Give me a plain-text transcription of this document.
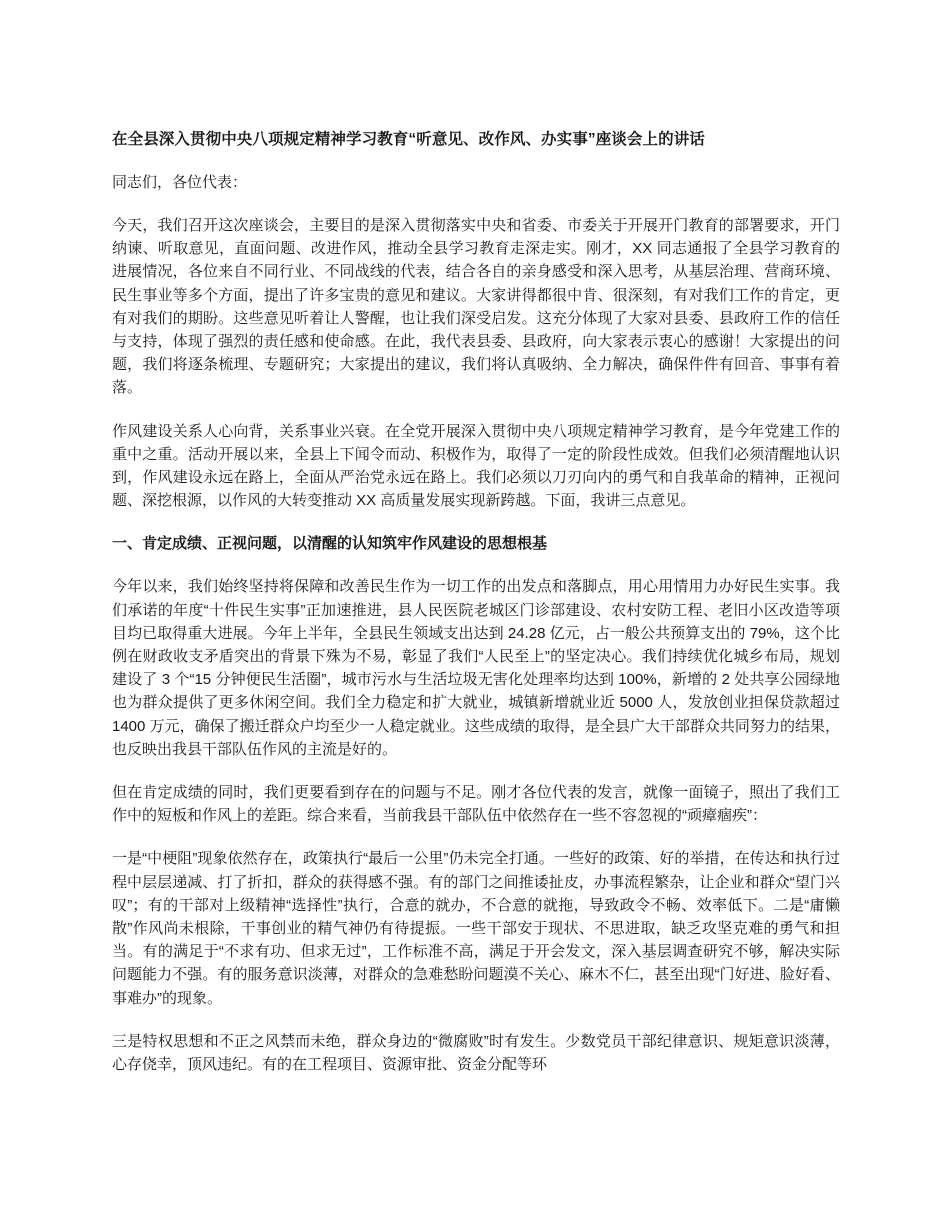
在全县深入贯彻中央八项规定精神学习教育“听意见、改作风、办实事”座谈会上的讲话

同志们，各位代表：

今天，我们召开这次座谈会，主要目的是深入贯彻落实中央和省委、市委关于开展开门教育的部署要求，开门纳谏、听取意见，直面问题、改进作风，推动全县学习教育走深走实。刚才，XX 同志通报了全县学习教育的进展情况，各位来自不同行业、不同战线的代表，结合各自的亲身感受和深入思考，从基层治理、营商环境、民生事业等多个方面，提出了许多宝贵的意见和建议。大家讲得都很中肯、很深刻，有对我们工作的肯定，更有对我们的期盼。这些意见听着让人警醒，也让我们深受启发。这充分体现了大家对县委、县政府工作的信任与支持，体现了强烈的责任感和使命感。在此，我代表县委、县政府，向大家表示衷心的感谢！大家提出的问题，我们将逐条梳理、专题研究；大家提出的建议，我们将认真吸纳、全力解决，确保件件有回音、事事有着落。

作风建设关系人心向背，关系事业兴衰。在全党开展深入贯彻中央八项规定精神学习教育，是今年党建工作的重中之重。活动开展以来，全县上下闻令而动、积极作为，取得了一定的阶段性成效。但我们必须清醒地认识到，作风建设永远在路上，全面从严治党永远在路上。我们必须以刀刃向内的勇气和自我革命的精神，正视问题、深挖根源，以作风的大转变推动 XX 高质量发展实现新跨越。下面，我讲三点意见。

一、肯定成绩、正视问题，以清醒的认知筑牢作风建设的思想根基

今年以来，我们始终坚持将保障和改善民生作为一切工作的出发点和落脚点，用心用情用力办好民生实事。我们承诺的年度“十件民生实事”正加速推进，县人民医院老城区门诊部建设、农村安防工程、老旧小区改造等项目均已取得重大进展。今年上半年，全县民生领域支出达到 24.28 亿元，占一般公共预算支出的 79%，这个比例在财政收支矛盾突出的背景下殊为不易，彰显了我们“人民至上”的坚定决心。我们持续优化城乡布局，规划建设了 3 个“15 分钟便民生活圈”，城市污水与生活垃圾无害化处理率均达到 100%，新增的 2 处共享公园绿地也为群众提供了更多休闲空间。我们全力稳定和扩大就业，城镇新增就业近 5000 人，发放创业担保贷款超过 1400 万元，确保了搬迁群众户均至少一人稳定就业。这些成绩的取得，是全县广大干部群众共同努力的结果，也反映出我县干部队伍作风的主流是好的。

但在肯定成绩的同时，我们更要看到存在的问题与不足。刚才各位代表的发言，就像一面镜子，照出了我们工作中的短板和作风上的差距。综合来看，当前我县干部队伍中依然存在一些不容忽视的“顽瘴痼疾”：

一是“中梗阻”现象依然存在，政策执行“最后一公里”仍未完全打通。一些好的政策、好的举措，在传达和执行过程中层层递减、打了折扣，群众的获得感不强。有的部门之间推诿扯皮，办事流程繁杂，让企业和群众“望门兴叹”；有的干部对上级精神“选择性”执行，合意的就办，不合意的就拖，导致政令不畅、效率低下。二是“庸懒散”作风尚未根除，干事创业的精气神仍有待提振。一些干部安于现状、不思进取，缺乏攻坚克难的勇气和担当。有的满足于“不求有功、但求无过”，工作标准不高，满足于开会发文，深入基层调查研究不够，解决实际问题能力不强。有的服务意识淡薄，对群众的急难愁盼问题漠不关心、麻木不仁，甚至出现“门好进、脸好看、事难办”的现象。

三是特权思想和不正之风禁而未绝，群众身边的“微腐败”时有发生。少数党员干部纪律意识、规矩意识淡薄，心存侥幸，顶风违纪。有的在工程项目、资源审批、资金分配等环
